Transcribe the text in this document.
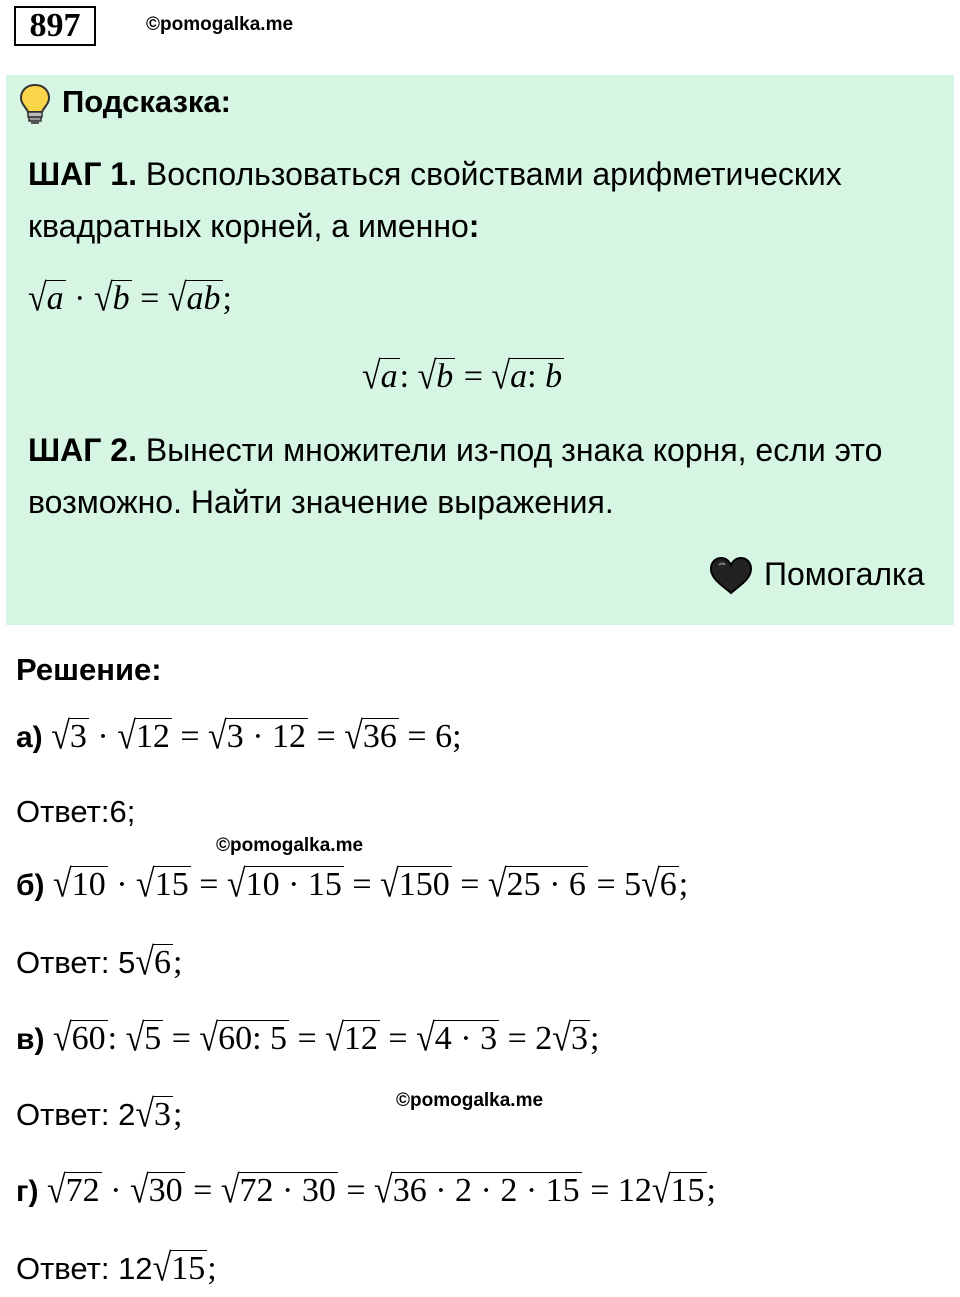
897	©pomogalka.me
Подсказка:
ШАГ 1. Воспользоваться свойствами арифметических
квадратных корней, а именно:
√a · √b = √ab;
√a: √b = √a: b
ШАГ 2. Вынести множители из-под знака корня, если это
возможно. Найти значение выражения.
Помогалка
Решение:
а) √3 · √12 = √3 · 12 = √36 = 6;
Ответ:6;
©pomogalka.me
б) √10 · √15 = √10 · 15 = √150 = √25 · 6 = 5√6;
Ответ: 5√6;
в) √60: √5 = √60: 5 = √12 = √4 · 3 = 2√3;
©pomogalka.me
Ответ: 2√3;
г) √72 · √30 = √72 · 30 = √36 · 2 · 2 · 15 = 12√15;
Ответ: 12√15;
